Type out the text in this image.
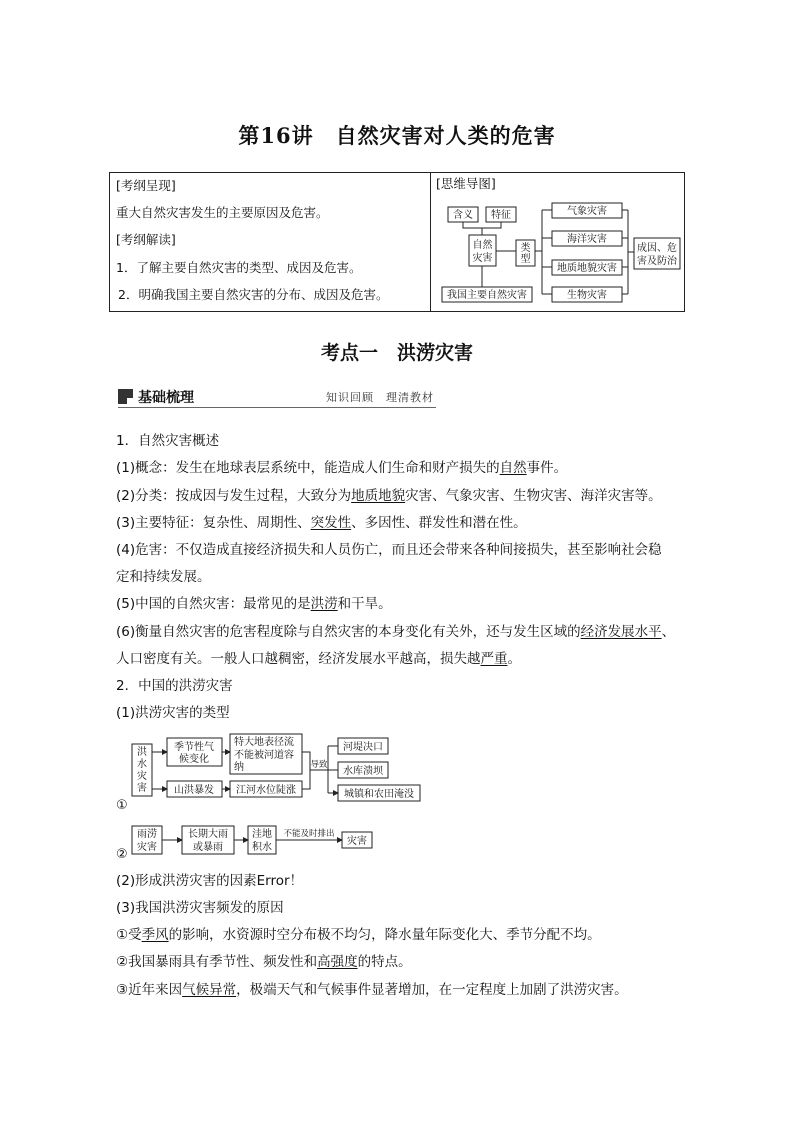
第16讲　自然灾害对人类的危害
[考纲呈现]
重大自然灾害发生的主要原因及危害。
[考纲解读]
1．了解主要自然灾害的类型、成因及危害。
2．明确我国主要自然灾害的分布、成因及危害。
[思维导图]
含义 特征
自然
灾害
类
型
气象灾害
海洋灾害
地质地貌灾害
生物灾害
我国主要自然灾害
成因、危
害及防治
考点一　洪涝灾害
基础梳理	知识回顾　理清教材
1．自然灾害概述
(1)概念：发生在地球表层系统中，能造成人们生命和财产损失的自然事件。
(2)分类：按成因与发生过程，大致分为地质地貌灾害、气象灾害、生物灾害、海洋灾害等。
(3)主要特征：复杂性、周期性、突发性、多因性、群发性和潜在性。
(4)危害：不仅造成直接经济损失和人员伤亡，而且还会带来各种间接损失，甚至影响社会稳
定和持续发展。
(5)中国的自然灾害：最常见的是洪涝和干旱。
(6)衡量自然灾害的危害程度除与自然灾害的本身变化有关外，还与发生区域的经济发展水平、
人口密度有关。一般人口越稠密，经济发展水平越高，损失越严重。
2．中国的洪涝灾害
(1)洪涝灾害的类型
洪
水
灾
害
季节性气
候变化
山洪暴发
特大地表径流
不能被河道容
纳
江河水位陡涨
导致
河堤决口
水库溃坝
城镇和农田淹没
①
雨涝
灾害
长期大雨
或暴雨
洼地
积水
不能及时排出
灾害
②
(2)形成洪涝灾害的因素Error！
(3)我国洪涝灾害频发的原因
①受季风的影响，水资源时空分布极不均匀，降水量年际变化大、季节分配不均。
②我国暴雨具有季节性、频发性和高强度的特点。
③近年来因气候异常，极端天气和气候事件显著增加，在一定程度上加剧了洪涝灾害。
